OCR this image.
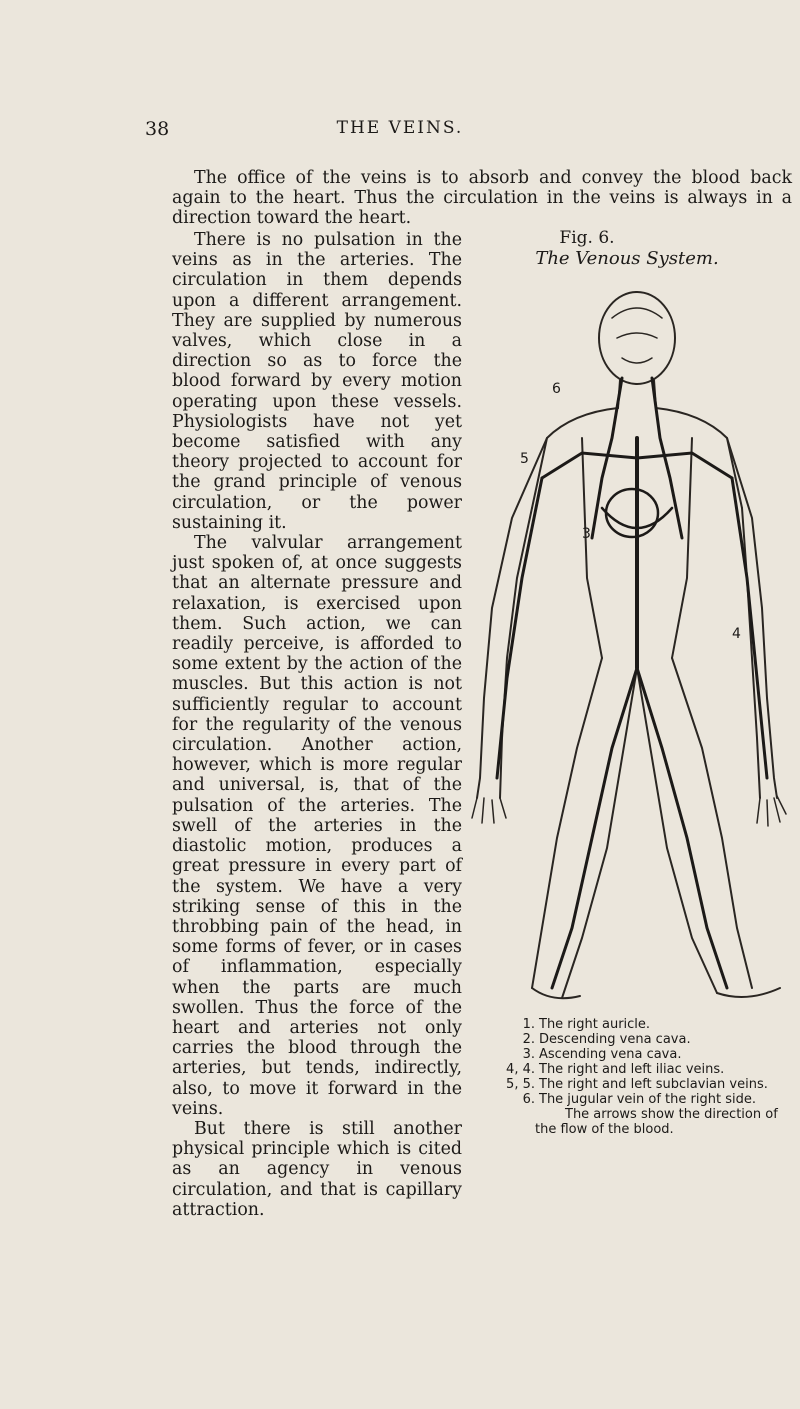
38	THE VEINS.

The office of the veins is to absorb and convey the blood back again to the heart. Thus the circulation in the veins is always in a direction toward the heart.

There is no pulsation in the veins as in the arteries. The circulation in them depends upon a different arrangement. They are supplied by numerous valves, which close in a direction so as to force the blood forward by every motion operating upon these vessels. Physiologists have not yet become satisfied with any theory projected to account for the grand principle of venous circulation, or the power sustaining it.

The valvular arrangement just spoken of, at once suggests that an alternate pressure and relaxation, is exercised upon them. Such action, we can readily perceive, is afforded to some extent by the action of the muscles. But this action is not sufficiently regular to account for the regularity of the venous circulation. Another action, however, which is more regular and universal, is, that of the pulsation of the arteries. The swell of the arteries in the diastolic motion, produces a great pressure in every part of the system. We have a very striking sense of this in the throbbing pain of the head, in some forms of fever, or in cases of inflammation, especially when the parts are much swollen. Thus the force of the heart and arteries not only carries the blood through the arteries, but tends, indirectly, also, to move it forward in the veins.

But there is still another physical principle which is cited as an agency in venous circulation, and that is capillary attraction.

Fig. 6.
The Venous System.
6
5
3
4
1. The right auricle.
2. Descending vena cava.
3. Ascending vena cava.
4, 4. The right and left iliac veins.
5, 5. The right and left subclavian veins.
6. The jugular vein of the right side.
The arrows show the direction of the flow of the blood.
